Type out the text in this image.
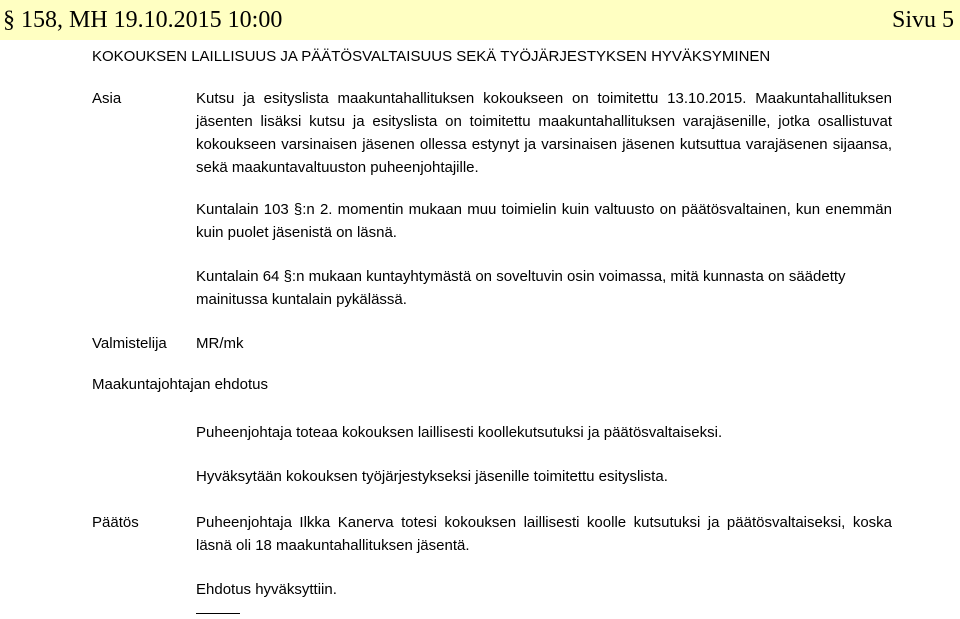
§ 158, MH 19.10.2015 10:00	Sivu 5
KOKOUKSEN LAILLISUUS JA PÄÄTÖSVALTAISUUS SEKÄ TYÖJÄRJESTYKSEN HYVÄKSYMINEN
Asia	Kutsu ja esityslista maakuntahallituksen kokoukseen on toimitettu 13.10.2015. Maakuntahallituksen jäsenten lisäksi kutsu ja esityslista on toimitettu maakuntahallituksen varajäsenille, jotka osallistuvat kokoukseen varsinaisen jäsenen ollessa estynyt ja varsinaisen jäsenen kutsuttua varajäsenen sijaansa, sekä maakuntavaltuuston puheenjohtajille.

Kuntalain 103 §:n 2. momentin mukaan muu toimielin kuin valtuusto on päätösvaltainen, kun enemmän kuin puolet jäsenistä on läsnä.

Kuntalain 64 §:n mukaan kuntayhtymästä on soveltuvin osin voimassa, mitä kunnasta on säädetty mainitussa kuntalain pykälässä.

Valmistelija MR/mk
Maakuntajohtajan ehdotus
Puheenjohtaja toteaa kokouksen laillisesti koollekutsutuksi ja päätösvaltaiseksi.
Hyväksytään kokouksen työjärjestykseksi jäsenille toimitettu esityslista.
Päätös	Puheenjohtaja Ilkka Kanerva totesi kokouksen laillisesti koolle kutsutuksi ja päätösvaltaiseksi, koska läsnä oli 18 maakuntahallituksen jäsentä.

Ehdotus hyväksyttiin.
